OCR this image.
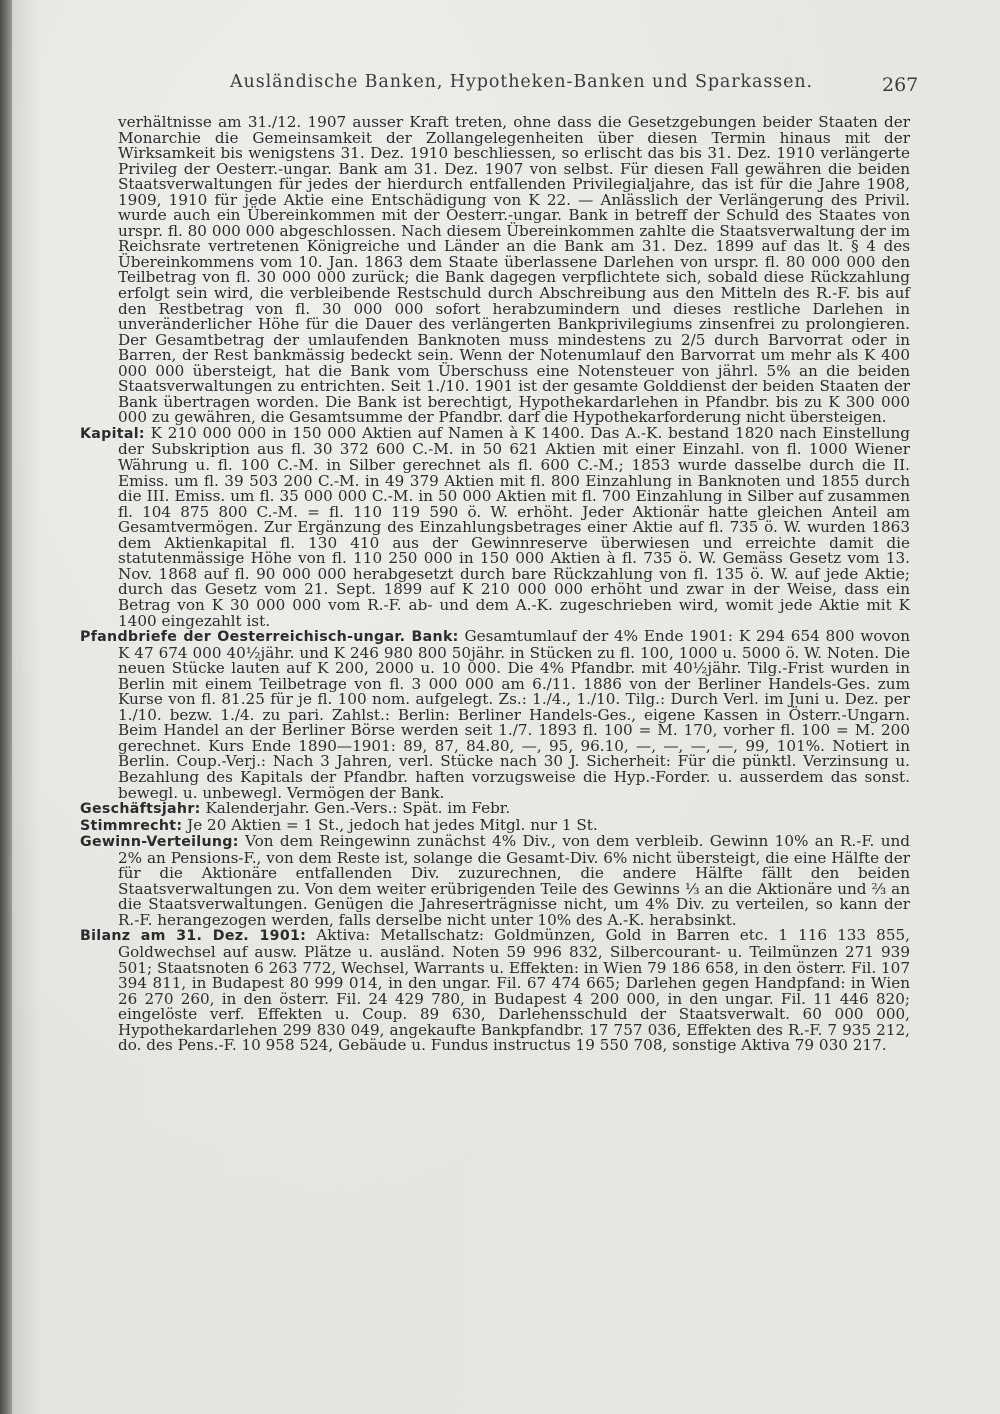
Ausländische Banken, Hypotheken-Banken und Sparkassen.	267

verhältnisse am 31./12. 1907 ausser Kraft treten, ohne dass die Gesetzgebungen beider Staaten der Monarchie die Gemeinsamkeit der Zollangelegenheiten über diesen Termin hinaus mit der Wirksamkeit bis wenigstens 31. Dez. 1910 beschliessen, so erlischt das bis 31. Dez. 1910 verlängerte Privileg der Oesterr.-ungar. Bank am 31. Dez. 1907 von selbst. Für diesen Fall gewähren die beiden Staatsverwaltungen für jedes der hierdurch entfallenden Privilegialjahre, das ist für die Jahre 1908, 1909, 1910 für jede Aktie eine Entschädigung von K 22. — Anlässlich der Verlängerung des Privil. wurde auch ein Übereinkommen mit der Oesterr.-ungar. Bank in betreff der Schuld des Staates von urspr. fl. 80 000 000 abgeschlossen. Nach diesem Übereinkommen zahlte die Staatsverwaltung der im Reichsrate vertretenen Königreiche und Länder an die Bank am 31. Dez. 1899 auf das lt. § 4 des Übereinkommens vom 10. Jan. 1863 dem Staate überlassene Darlehen von urspr. fl. 80 000 000 den Teilbetrag von fl. 30 000 000 zurück; die Bank dagegen verpflichtete sich, sobald diese Rückzahlung erfolgt sein wird, die verbleibende Restschuld durch Abschreibung aus den Mitteln des R.-F. bis auf den Restbetrag von fl. 30 000 000 sofort herabzumindern und dieses restliche Darlehen in unveränderlicher Höhe für die Dauer des verlängerten Bankprivilegiums zinsenfrei zu prolongieren. Der Gesamtbetrag der umlaufenden Banknoten muss mindestens zu 2/5 durch Barvorrat oder in Barren, der Rest bankmässig bedeckt sein. Wenn der Notenumlauf den Barvorrat um mehr als K 400 000 000 übersteigt, hat die Bank vom Überschuss eine Notensteuer von jährl. 5% an die beiden Staatsverwaltungen zu entrichten. Seit 1./10. 1901 ist der gesamte Golddienst der beiden Staaten der Bank übertragen worden. Die Bank ist berechtigt, Hypothekardarlehen in Pfandbr. bis zu K 300 000 000 zu gewähren, die Gesamtsumme der Pfandbr. darf die Hypothekarforderung nicht übersteigen.

Kapital: K 210 000 000 in 150 000 Aktien auf Namen à K 1400. Das A.-K. bestand 1820 nach Einstellung der Subskription aus fl. 30 372 600 C.-M. in 50 621 Aktien mit einer Einzahl. von fl. 1000 Wiener Währung u. fl. 100 C.-M. in Silber gerechnet als fl. 600 C.-M.; 1853 wurde dasselbe durch die II. Emiss. um fl. 39 503 200 C.-M. in 49 379 Aktien mit fl. 800 Einzahlung in Banknoten und 1855 durch die III. Emiss. um fl. 35 000 000 C.-M. in 50 000 Aktien mit fl. 700 Einzahlung in Silber auf zusammen fl. 104 875 800 C.-M. = fl. 110 119 590 ö. W. erhöht. Jeder Aktionär hatte gleichen Anteil am Gesamtvermögen. Zur Ergänzung des Einzahlungsbetrages einer Aktie auf fl. 735 ö. W. wurden 1863 dem Aktienkapital fl. 130 410 aus der Gewinnreserve überwiesen und erreichte damit die statutenmässige Höhe von fl. 110 250 000 in 150 000 Aktien à fl. 735 ö. W. Gemäss Gesetz vom 13. Nov. 1868 auf fl. 90 000 000 herabgesetzt durch bare Rückzahlung von fl. 135 ö. W. auf jede Aktie; durch das Gesetz vom 21. Sept. 1899 auf K 210 000 000 erhöht und zwar in der Weise, dass ein Betrag von K 30 000 000 vom R.-F. ab- und dem A.-K. zugeschrieben wird, womit jede Aktie mit K 1400 eingezahlt ist.

Pfandbriefe der Oesterreichisch-ungar. Bank: Gesamtumlauf der 4% Ende 1901: K 294 654 800 wovon K 47 674 000 40½jähr. und K 246 980 800 50jähr. in Stücken zu fl. 100, 1000 u. 5000 ö. W. Noten. Die neuen Stücke lauten auf K 200, 2000 u. 10 000. Die 4% Pfandbr. mit 40½jähr. Tilg.-Frist wurden in Berlin mit einem Teilbetrage von fl. 3 000 000 am 6./11. 1886 von der Berliner Handels-Ges. zum Kurse von fl. 81.25 für je fl. 100 nom. aufgelegt. Zs.: 1./4., 1./10. Tilg.: Durch Verl. im Juni u. Dez. per 1./10. bezw. 1./4. zu pari. Zahlst.: Berlin: Berliner Handels-Ges., eigene Kassen in Österr.-Ungarn. Beim Handel an der Berliner Börse werden seit 1./7. 1893 fl. 100 = M. 170, vorher fl. 100 = M. 200 gerechnet. Kurs Ende 1890—1901: 89, 87, 84.80, —, 95, 96.10, —, —, —, —, 99, 101%. Notiert in Berlin. Coup.-Verj.: Nach 3 Jahren, verl. Stücke nach 30 J. Sicherheit: Für die pünktl. Verzinsung u. Bezahlung des Kapitals der Pfandbr. haften vorzugsweise die Hyp.-Forder. u. ausserdem das sonst. bewegl. u. unbewegl. Vermögen der Bank.

Geschäftsjahr: Kalenderjahr. Gen.-Vers.: Spät. im Febr.

Stimmrecht: Je 20 Aktien = 1 St., jedoch hat jedes Mitgl. nur 1 St.

Gewinn-Verteilung: Von dem Reingewinn zunächst 4% Div., von dem verbleib. Gewinn 10% an R.-F. und 2% an Pensions-F., von dem Reste ist, solange die Gesamt-Div. 6% nicht übersteigt, die eine Hälfte der für die Aktionäre entfallenden Div. zuzurechnen, die andere Hälfte fällt den beiden Staatsverwaltungen zu. Von dem weiter erübrigenden Teile des Gewinns ⅓ an die Aktionäre und ⅔ an die Staatsverwaltungen. Genügen die Jahreserträgnisse nicht, um 4% Div. zu verteilen, so kann der R.-F. herangezogen werden, falls derselbe nicht unter 10% des A.-K. herabsinkt.

Bilanz am 31. Dez. 1901: Aktiva: Metallschatz: Goldmünzen, Gold in Barren etc. 1 116 133 855, Goldwechsel auf ausw. Plätze u. ausländ. Noten 59 996 832, Silbercourant- u. Teilmünzen 271 939 501; Staatsnoten 6 263 772, Wechsel, Warrants u. Effekten: in Wien 79 186 658, in den österr. Fil. 107 394 811, in Budapest 80 999 014, in den ungar. Fil. 67 474 665; Darlehen gegen Handpfand: in Wien 26 270 260, in den österr. Fil. 24 429 780, in Budapest 4 200 000, in den ungar. Fil. 11 446 820; eingelöste verf. Effekten u. Coup. 89 630, Darlehensschuld der Staatsverwalt. 60 000 000, Hypothekardarlehen 299 830 049, angekaufte Bankpfandbr. 17 757 036, Effekten des R.-F. 7 935 212, do. des Pens.-F. 10 958 524, Gebäude u. Fundus instructus 19 550 708, sonstige Aktiva 79 030 217.
